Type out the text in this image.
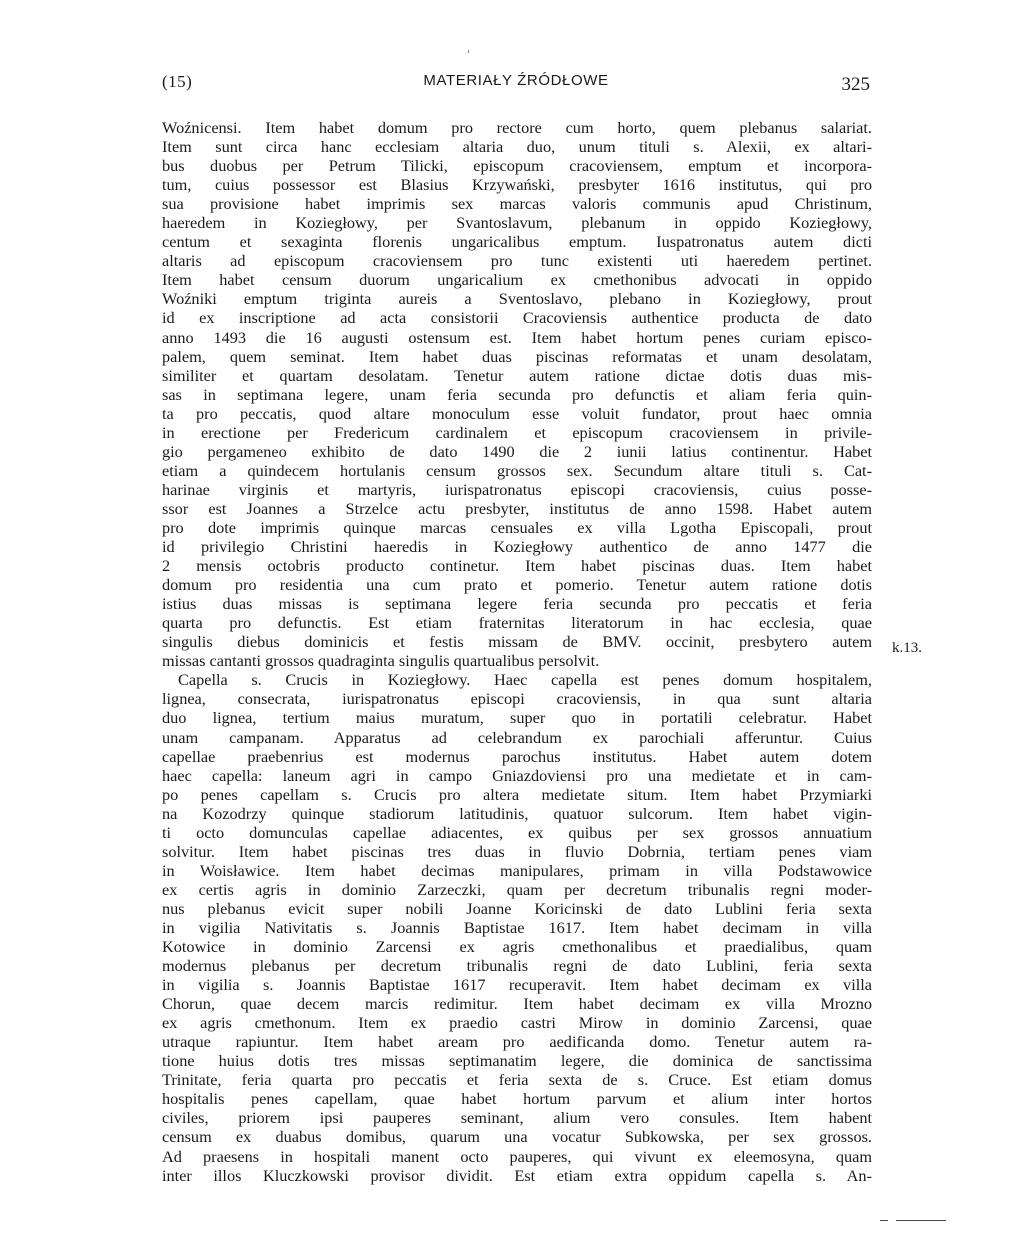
(15)	MATERIAŁY ŹRÓDŁOWE	325
Woźnicensi. Item habet domum pro rectore cum horto, quem plebanus salariat.
Item sunt circa hanc ecclesiam altaria duo, unum tituli s. Alexii, ex altari-
bus duobus per Petrum Tilicki, episcopum cracoviensem, emptum et incorpora-
tum, cuius possessor est Blasius Krzywański, presbyter 1616 institutus, qui pro
sua provisione habet imprimis sex marcas valoris communis apud Christinum,
haeredem in Koziegłowy, per Svantoslavum, plebanum in oppido Koziegłowy,
centum et sexaginta florenis ungaricalibus emptum. Iuspatronatus autem dicti
altaris ad episcopum cracoviensem pro tunc existenti uti haeredem pertinet.
Item habet censum duorum ungaricalium ex cmethonibus advocati in oppido
Woźniki emptum triginta aureis a Sventoslavo, plebano in Koziegłowy, prout
id ex inscriptione ad acta consistorii Cracoviensis authentice producta de dato
anno 1493 die 16 augusti ostensum est. Item habet hortum penes curiam episco-
palem, quem seminat. Item habet duas piscinas reformatas et unam desolatam,
similiter et quartam desolatam. Tenetur autem ratione dictae dotis duas mis-
sas in septimana legere, unam feria secunda pro defunctis et aliam feria quin-
ta pro peccatis, quod altare monoculum esse voluit fundator, prout haec omnia
in erectione per Fredericum cardinalem et episcopum cracoviensem in privile-
gio pergameneo exhibito de dato 1490 die 2 iunii latius continentur. Habet
etiam a quindecem hortulanis censum grossos sex. Secundum altare tituli s. Cat-
harinae virginis et martyris, iurispatronatus episcopi cracoviensis, cuius posse-
ssor est Joannes a Strzelce actu presbyter, institutus de anno 1598. Habet autem
pro dote imprimis quinque marcas censuales ex villa Lgotha Episcopali, prout
id privilegio Christini haeredis in Koziegłowy authentico de anno 1477 die
2 mensis octobris producto continetur. Item habet piscinas duas. Item habet
domum pro residentia una cum prato et pomerio. Tenetur autem ratione dotis
istius duas missas is septimana legere feria secunda pro peccatis et feria
quarta pro defunctis. Est etiam fraternitas literatorum in hac ecclesia, quae
singulis diebus dominicis et festis missam de BMV. occinit, presbytero autem
missas cantanti grossos quadraginta singulis quartualibus persolvit.
Capella s. Crucis in Koziegłowy. Haec capella est penes domum hospitalem,
lignea, consecrata, iurispatronatus episcopi cracoviensis, in qua sunt altaria
duo lignea, tertium maius muratum, super quo in portatili celebratur. Habet
unam campanam. Apparatus ad celebrandum ex parochiali afferuntur. Cuius
capellae praebenrius est modernus parochus institutus. Habet autem dotem
haec capella: laneum agri in campo Gniazdoviensi pro una medietate et in cam-
po penes capellam s. Crucis pro altera medietate situm. Item habet Przymiarki
na Kozodrzy quinque stadiorum latitudinis, quatuor sulcorum. Item habet vigin-
ti octo domunculas capellae adiacentes, ex quibus per sex grossos annuatium
solvitur. Item habet piscinas tres duas in fluvio Dobrnia, tertiam penes viam
in Woisławice. Item habet decimas manipulares, primam in villa Podstawowice
ex certis agris in dominio Zarzeczki, quam per decretum tribunalis regni moder-
nus plebanus evicit super nobili Joanne Koricinski de dato Lublini feria sexta
in vigilia Nativitatis s. Joannis Baptistae 1617. Item habet decimam in villa
Kotowice in dominio Zarcensi ex agris cmethonalibus et praedialibus, quam
modernus plebanus per decretum tribunalis regni de dato Lublini, feria sexta
in vigilia s. Joannis Baptistae 1617 recuperavit. Item habet decimam ex villa
Chorun, quae decem marcis redimitur. Item habet decimam ex villa Mrozno
ex agris cmethonum. Item ex praedio castri Mirow in dominio Zarcensi, quae
utraque rapiuntur. Item habet aream pro aedificanda domo. Tenetur autem ra-
tione huius dotis tres missas septimanatim legere, die dominica de sanctissima
Trinitate, feria quarta pro peccatis et feria sexta de s. Cruce. Est etiam domus
hospitalis penes capellam, quae habet hortum parvum et alium inter hortos
civiles, priorem ipsi pauperes seminant, alium vero consules. Item habent
censum ex duabus domibus, quarum una vocatur Subkowska, per sex grossos.
Ad praesens in hospitali manent octo pauperes, qui vivunt ex eleemosyna, quam
inter illos Kluczkowski provisor dividit. Est etiam extra oppidum capella s. An-
k.13.
